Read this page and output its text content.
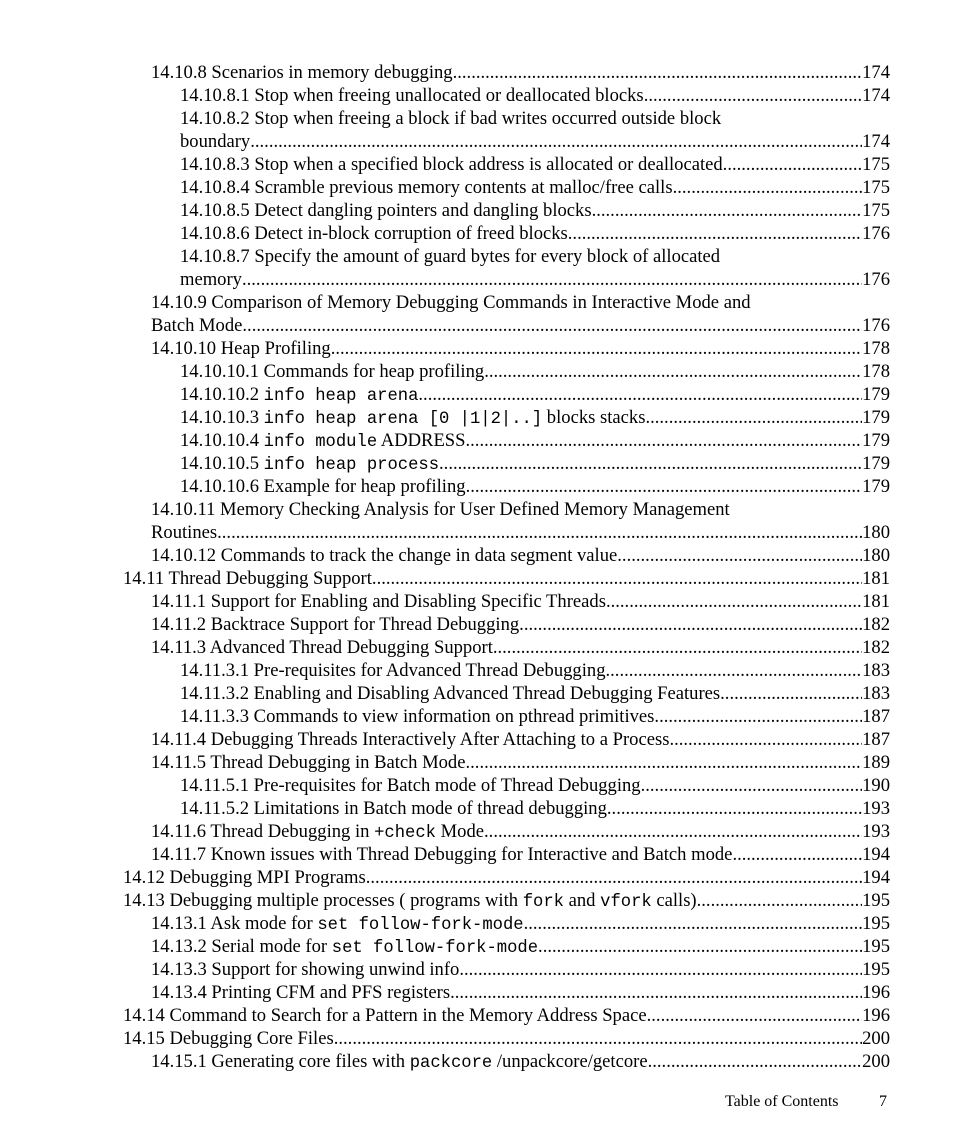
14.10.8 Scenarios in memory debugging .....	174
14.10.8.1 Stop when freeing unallocated or deallocated blocks .....	174
14.10.8.2 Stop when freeing a block if bad writes occurred outside block
boundary .....	174
14.10.8.3 Stop when a specified block address is allocated or deallocated .....	175
14.10.8.4 Scramble previous memory contents at malloc/free calls .....	175
14.10.8.5 Detect dangling pointers and dangling blocks .....	175
14.10.8.6 Detect in-block corruption of freed blocks .....	176
14.10.8.7 Specify the amount of guard bytes for every block of allocated
memory .....	176
14.10.9 Comparison of Memory Debugging Commands in Interactive Mode and
Batch Mode .....	176
14.10.10 Heap Profiling .....	178
14.10.10.1 Commands for heap profiling .....	178
14.10.10.2 info heap arena .....	179
14.10.10.3 info heap arena [0 |1|2|..] blocks stacks .....	179
14.10.10.4 info module ADDRESS .....	179
14.10.10.5 info heap process .....	179
14.10.10.6 Example for heap profiling .....	179
14.10.11 Memory Checking Analysis for User Defined Memory Management
Routines .....	180
14.10.12 Commands to track the change in data segment value .....	180
14.11 Thread Debugging Support .....	181
14.11.1 Support for Enabling and Disabling Specific Threads .....	181
14.11.2 Backtrace Support for Thread Debugging .....	182
14.11.3 Advanced Thread Debugging Support .....	182
14.11.3.1 Pre-requisites for Advanced Thread Debugging .....	183
14.11.3.2 Enabling and Disabling Advanced Thread Debugging Features .....	183
14.11.3.3 Commands to view information on pthread primitives .....	187
14.11.4 Debugging Threads Interactively After Attaching to a Process .....	187
14.11.5 Thread Debugging in Batch Mode .....	189
14.11.5.1 Pre-requisites for Batch mode of Thread Debugging .....	190
14.11.5.2 Limitations in Batch mode of thread debugging .....	193
14.11.6 Thread Debugging in +check Mode .....	193
14.11.7 Known issues with Thread Debugging for Interactive and Batch mode .....	194
14.12 Debugging MPI Programs .....	194
14.13 Debugging multiple processes ( programs with fork and vfork calls) .....	195
14.13.1 Ask mode for set follow-fork-mode .....	195
14.13.2 Serial mode for set follow-fork-mode .....	195
14.13.3 Support for showing unwind info .....	195
14.13.4 Printing CFM and PFS registers .....	196
14.14 Command to Search for a Pattern in the Memory Address Space .....	196
14.15 Debugging Core Files .....	200
14.15.1 Generating core files with packcore /unpackcore/getcore .....	200
Table of Contents	7
